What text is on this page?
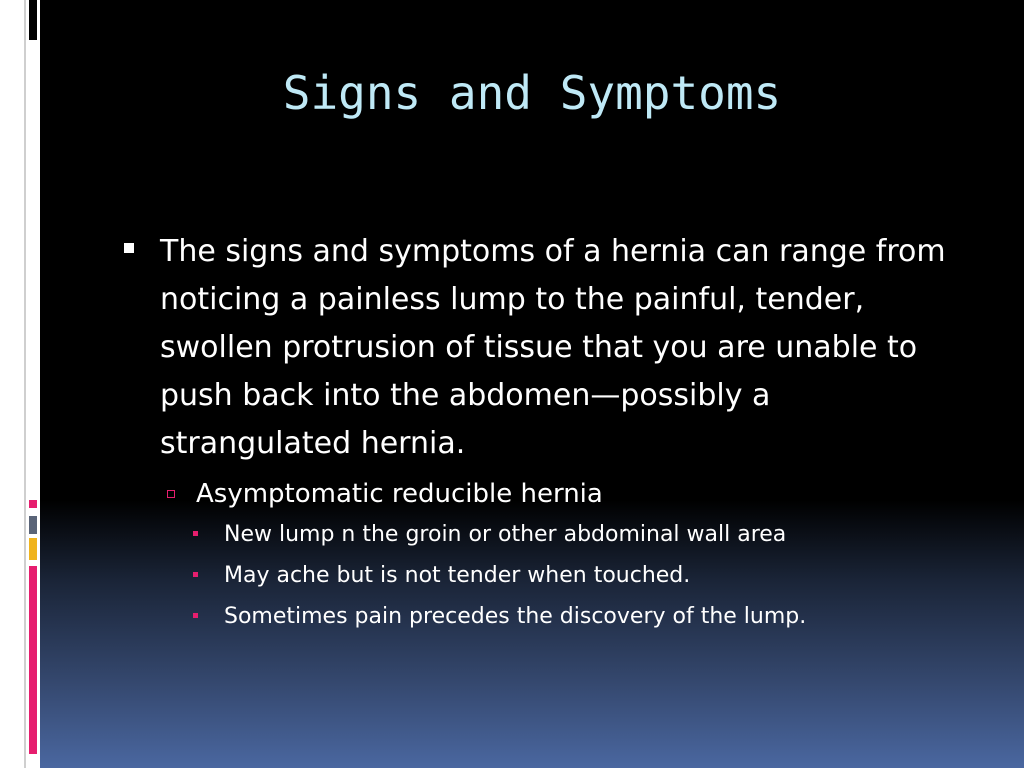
Signs and Symptoms
The signs and symptoms of a hernia can range from noticing a painless lump to the painful, tender, swollen protrusion of tissue that you are unable to push back into the abdomen—possibly a strangulated hernia.
Asymptomatic reducible hernia
New lump n the groin or other abdominal wall area
May ache but is not tender when touched.
Sometimes pain precedes the discovery of the lump.
